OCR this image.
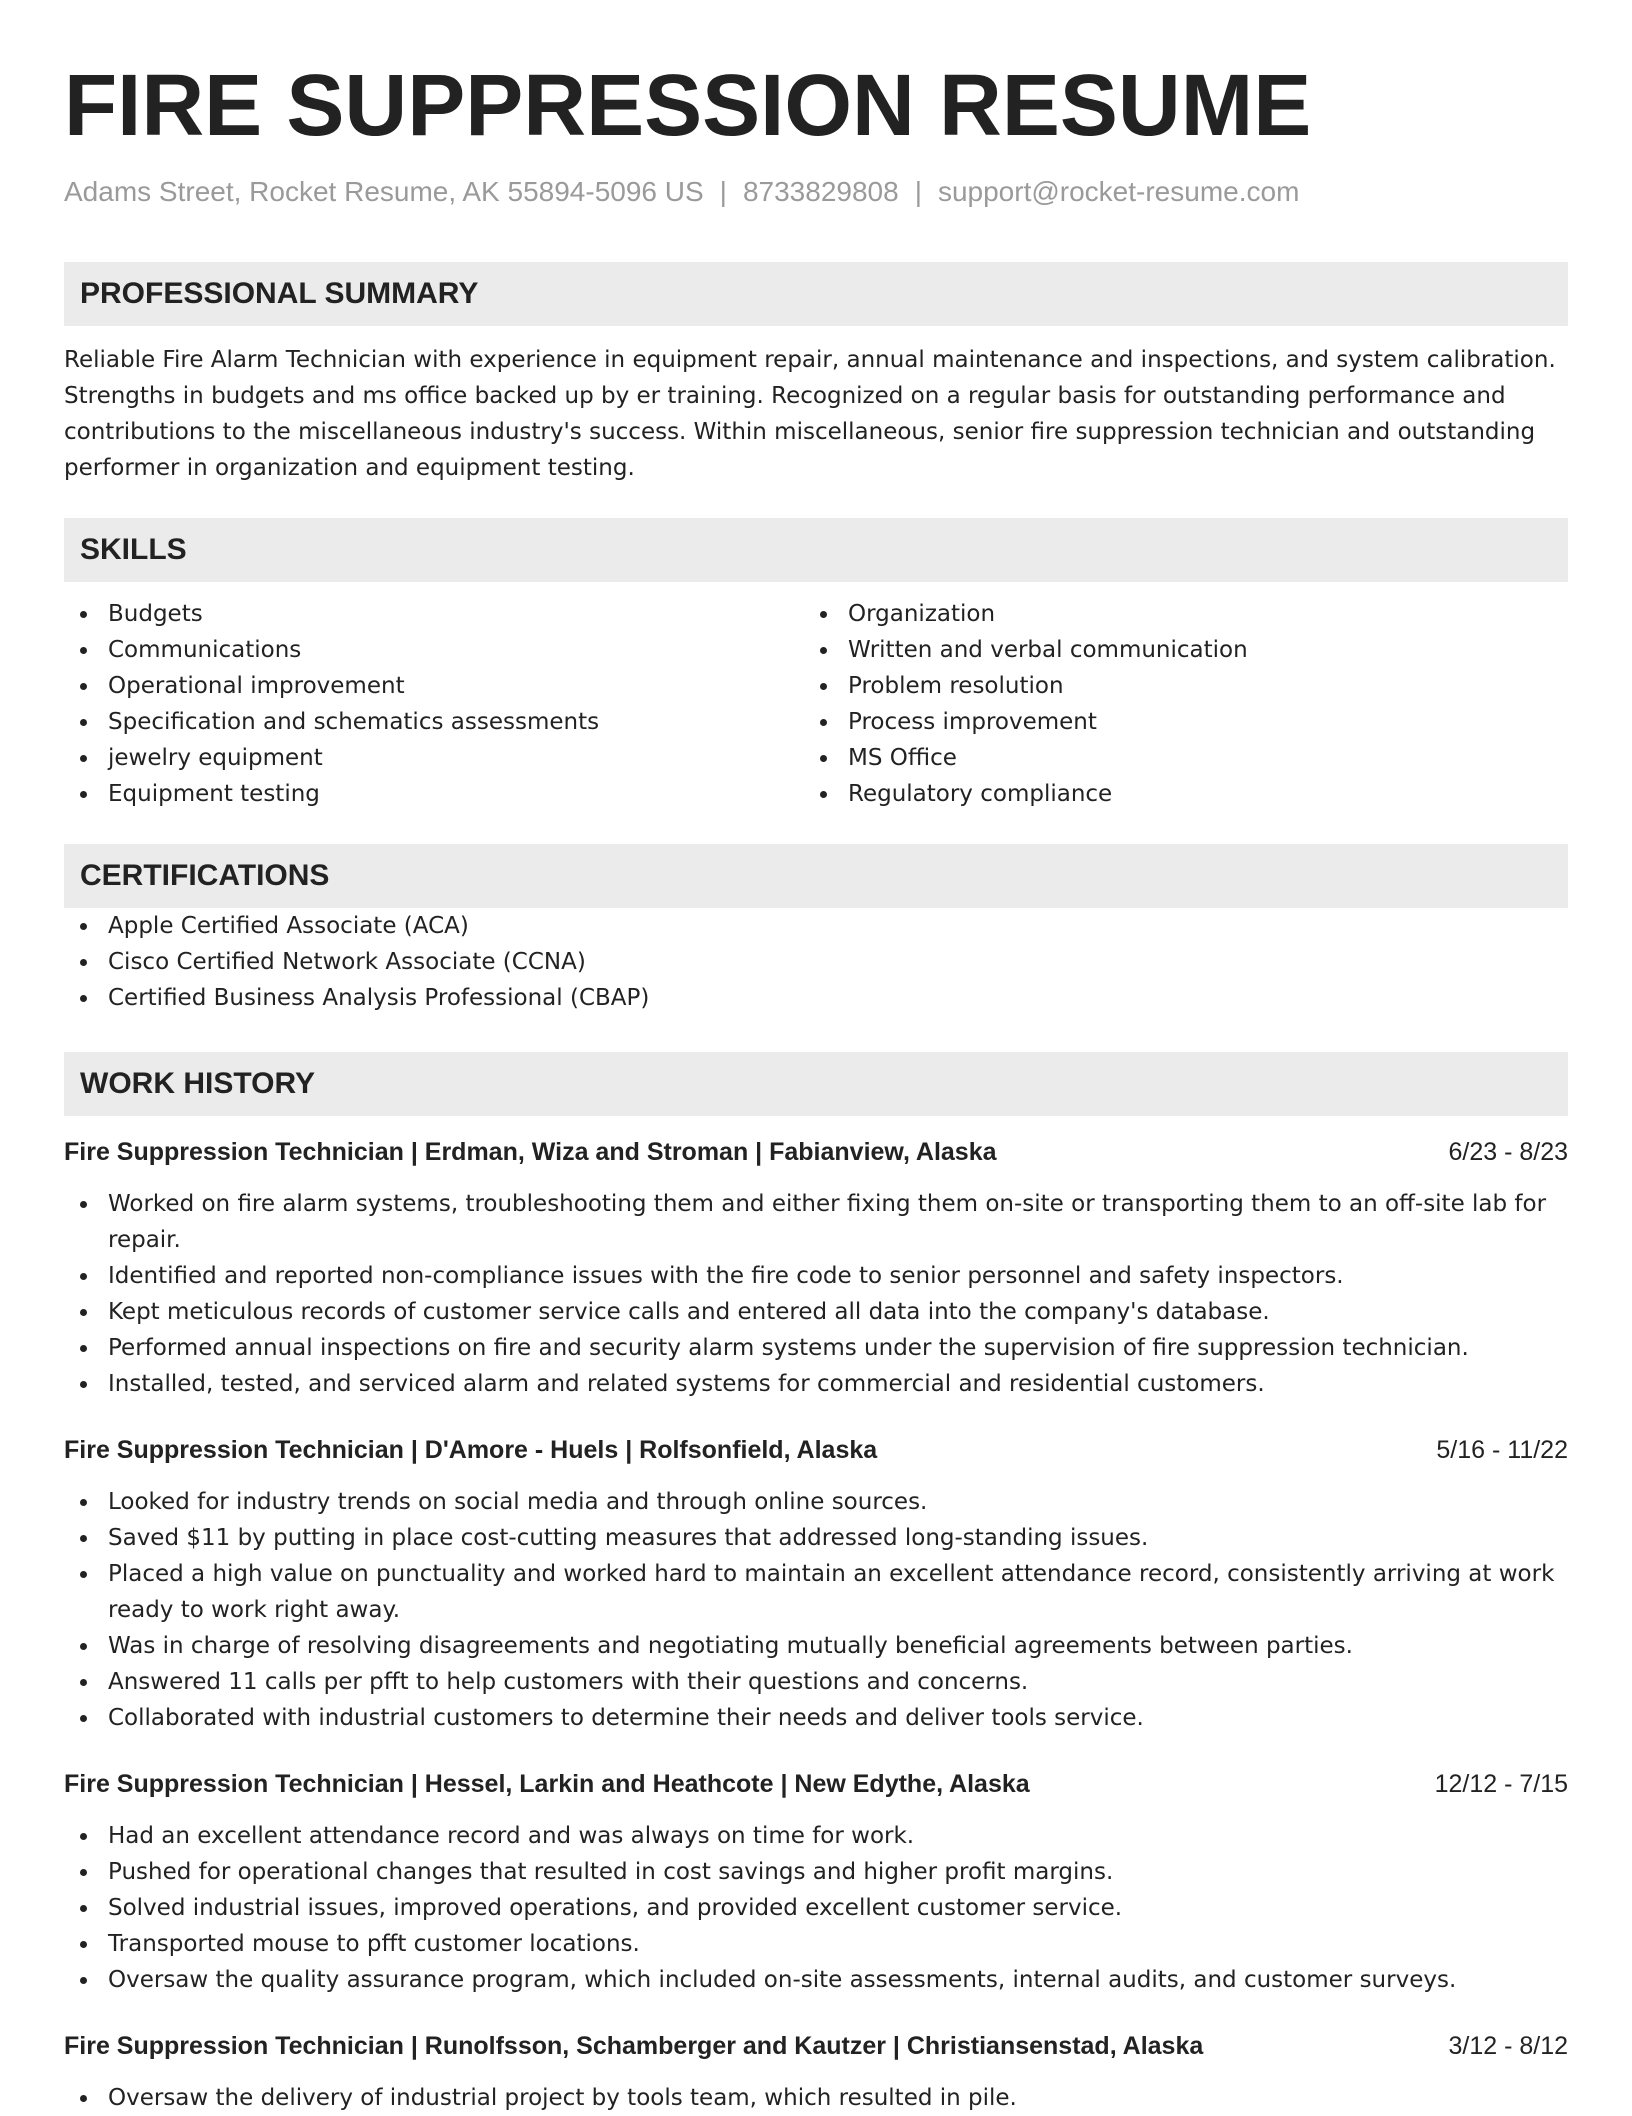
FIRE SUPPRESSION RESUME
Adams Street, Rocket Resume, AK 55894-5096 US | 8733829808 | support@rocket-resume.com
PROFESSIONAL SUMMARY

Reliable Fire Alarm Technician with experience in equipment repair, annual maintenance and inspections, and system calibration. Strengths in budgets and ms office backed up by er training. Recognized on a regular basis for outstanding performance and contributions to the miscellaneous industry's success. Within miscellaneous, senior fire suppression technician and outstanding performer in organization and equipment testing.

SKILLS
Budgets
Communications
Operational improvement
Specification and schematics assessments
jewelry equipment
Equipment testing
Organization
Written and verbal communication
Problem resolution
Process improvement
MS Office
Regulatory compliance
CERTIFICATIONS
Apple Certified Associate (ACA)
Cisco Certified Network Associate (CCNA)
Certified Business Analysis Professional (CBAP)
WORK HISTORY
Fire Suppression Technician | Erdman, Wiza and Stroman | Fabianview, Alaska	6/23 - 8/23
Worked on fire alarm systems, troubleshooting them and either fixing them on-site or transporting them to an off-site lab for repair.
Identified and reported non-compliance issues with the fire code to senior personnel and safety inspectors.
Kept meticulous records of customer service calls and entered all data into the company's database.
Performed annual inspections on fire and security alarm systems under the supervision of fire suppression technician.
Installed, tested, and serviced alarm and related systems for commercial and residential customers.
Fire Suppression Technician | D'Amore - Huels | Rolfsonfield, Alaska	5/16 - 11/22
Looked for industry trends on social media and through online sources.
Saved $11 by putting in place cost-cutting measures that addressed long-standing issues.
Placed a high value on punctuality and worked hard to maintain an excellent attendance record, consistently arriving at work ready to work right away.
Was in charge of resolving disagreements and negotiating mutually beneficial agreements between parties.
Answered 11 calls per pfft to help customers with their questions and concerns.
Collaborated with industrial customers to determine their needs and deliver tools service.
Fire Suppression Technician | Hessel, Larkin and Heathcote | New Edythe, Alaska	12/12 - 7/15
Had an excellent attendance record and was always on time for work.
Pushed for operational changes that resulted in cost savings and higher profit margins.
Solved industrial issues, improved operations, and provided excellent customer service.
Transported mouse to pfft customer locations.
Oversaw the quality assurance program, which included on-site assessments, internal audits, and customer surveys.
Fire Suppression Technician | Runolfsson, Schamberger and Kautzer | Christiansenstad, Alaska	3/12 - 8/12
Oversaw the delivery of industrial project by tools team, which resulted in pile.
